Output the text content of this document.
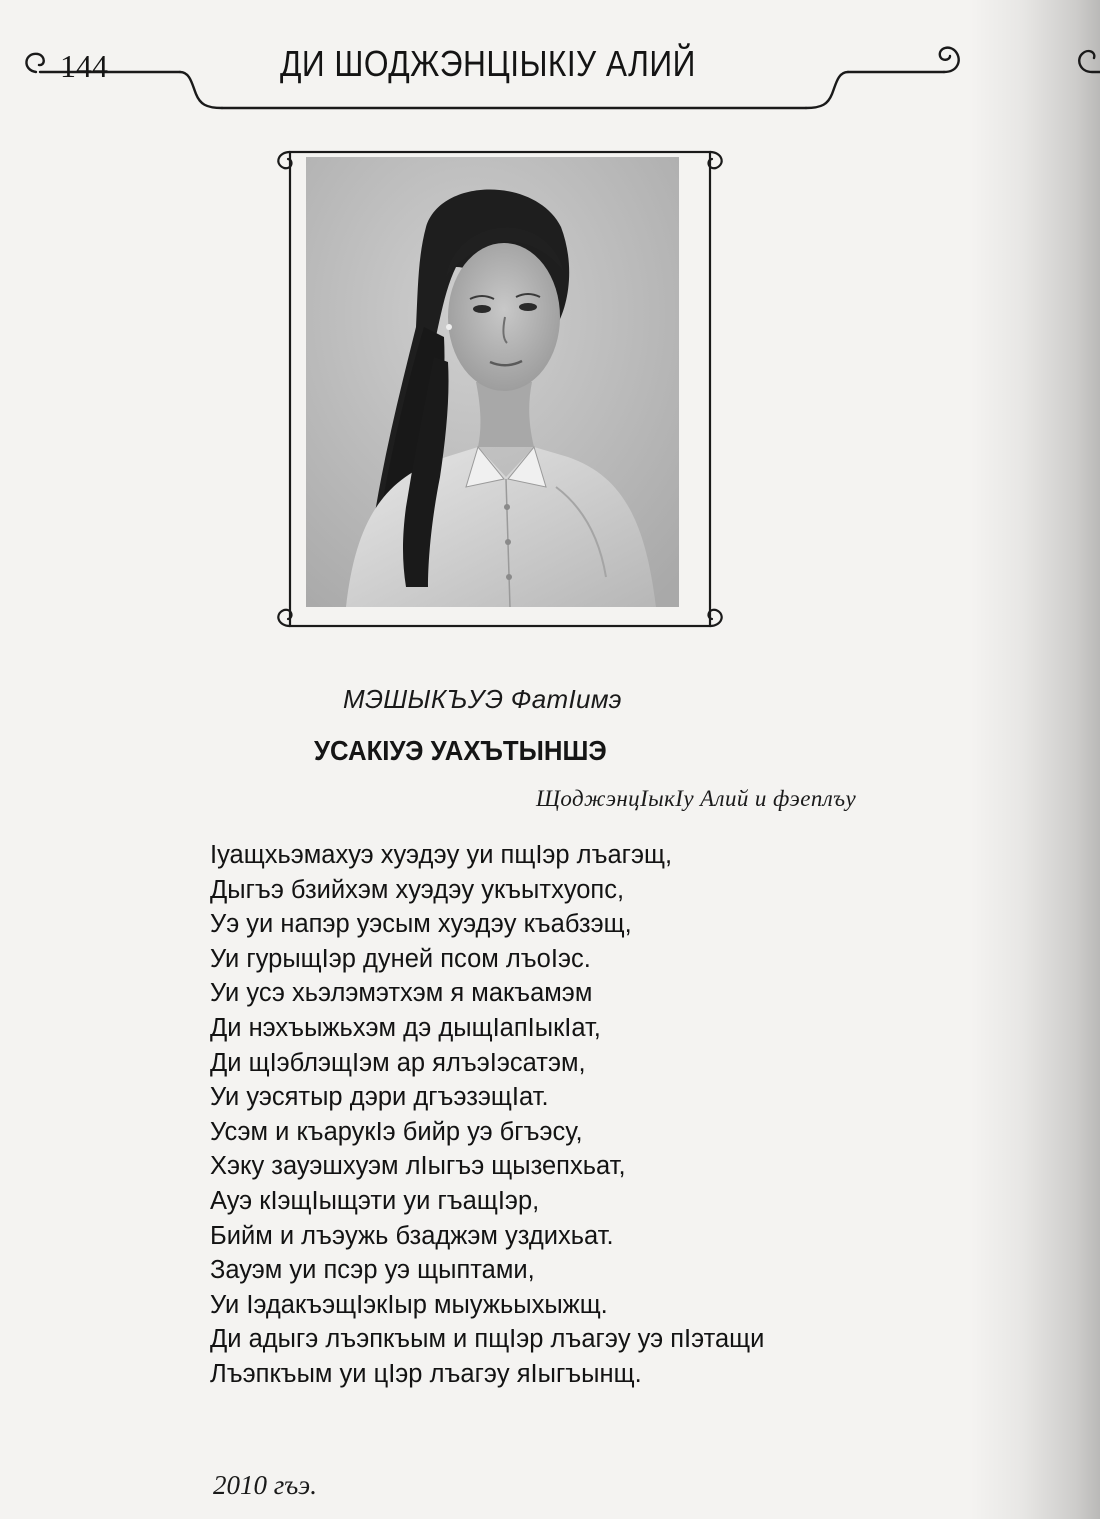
144	ДИ ШОДЖЭНЦIЫКIУ АЛИЙ
МЭШЫКЪУЭ ФатIимэ
УСАКIУЭ УАХЪТЫНШЭ
ЩоджэнцIыкIу Алий и фэеплъу
Iуащхьэмахуэ хуэдэу уи пщIэр лъагэщ,
Дыгъэ бзийхэм хуэдэу укъытхуопс,
Уэ уи напэр уэсым хуэдэу къабзэщ,
Уи гурыщIэр дуней псом лъоIэс.
Уи усэ хьэлэмэтхэм я макъамэм
Ди нэхъыжьхэм дэ дыщIапIыкIат,
Ди щIэблэщIэм ар ялъэIэсатэм,
Уи уэсятыр дэри дгъэзэщIат.
Усэм и къарукIэ бийр уэ бгъэсу,
Хэку зауэшхуэм лIыгъэ щызепхьат,
Ауэ кIэщIыщэти уи гъащIэр,
Бийм и лъэужь бзаджэм уздихьат.
Зауэм уи псэр уэ щыптами,
Уи IэдакъэщIэкIыр мыужьыхыжщ.
Ди адыгэ лъэпкъым и пщIэр лъагэу уэ пIэтащи
Лъэпкъым уи цIэр лъагэу яIыгъынщ.
2010 гъэ.
